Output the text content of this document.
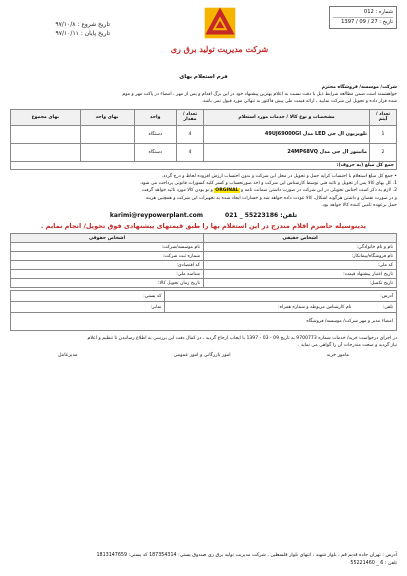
شماره : 012
تاریخ : 27 / 09 / 1397
شرکت مدیریت تولید برق ری
تاریخ شروع : ۹۷/۱۰/۸
تاریخ پایان : ۹۷/۱۰/۱۱
فرم استعلام بهای
شرکت/ موسسه/ فروشگاه محترم
خواهشمند است ضمن مطالعه شرایط ذیل با دقت نسبت به اعلام بهترین پیشنهاد خود در این برگ اقدام و پس از مهر ، امضاء در پاکت مهر و موم
شده قرار داده و تحویل این شرکت نمایید ، ارائه قیمت طی پیش فاکتور به تنهائی مورد قبول نمی باشد.
تعداد / آیتم	مشخصات و نوع کالا / خدمات مورد استعلام	تعداد / مقدار	واحد	بهای واحد	بهای مجموع
1	تلویزیون ال جی LED مدل 49UJ69000GI	4	دستگاه		
2	مانیتور ال جی مدل 24MP68VQ	4	دستگاه		
جمع کل مبلغ (به حروف):					
• جمع کل مبلغ استعلام با احتساب کرایه حمل و تحویل در محل این شرکت و بدون احتساب ارزش افزوده لحاظ و درج گردد.
1. کل بهای کالا پس از تحویل و تائید فنی توسط کارشناس این شرکت و اخذ صورتحساب و کسر کلیه کسورات قانونی پرداخت می شود.
2. لازم به ذکر است اجناس تحویلی در این شرکت در صورت داشتن ضمانت نامه و ORGINAL و نو بودن کالا مورد تائید خواهد گرفت
و در صورت نقصان و داشتن هرگونه اشکال، کالا عودت داده خواهد شد و خسارات ایجاد شده به تجهیزات این شرکت و همچنین هزینه
حمل برعهده تامین کننده کالا خواهد بود.
karimi@reypowerplant.com	تلفن: 55223186 _ 021
بدینوسیله حاضرم اقلام مندرج در این استعلام بها را طبق قیمتهای پیشنهادی فوق تحویل/ انجام نمایم .
اشخاص حقیقی	اشخاص حقوقی
نام و نام خانوادگی:	نام موسسه/شرکت:
نام فروشگاه/پیمانکار:	شماره ثبت شرکت:
کد ملی:	کد اقتصادی:
تاریخ اعتبار پیشنهاد قیمت:	شناسه ملی:
تاریخ تکمیل:	تاریخ زمان تحویل کالا:
آدرس:	کد پستی:
تلفن: نام کارشناس مربوطه و شماره همراه:	نمابر:
امضاء مدیر و مهر شرکت/ موسسه/ فروشگاه	
در اجرای درخواست خرید/ خدمات شماره 9700773 به تاریخ 09 - 03 - 1397 با ایجاب ارجاع گردید ، در کمال دقت این بررسی به اطلاع رسانیدن تا تنظیم و اعلام
نیاز گردید و صحت مندرجات آن را گواهی می نماید .
مامور خرید
امور بازرگانی و امور عمومی
مدیرعامل
آدرس : تهران جاده قدیم قم ، بلوار شهید ، انتهای بلوار فلسطین ، شرکت مدیریت تولید برق ری صندوق پستی: 187354314 کد پستی: 1813147659
تلفن : 6 _ 55221460
